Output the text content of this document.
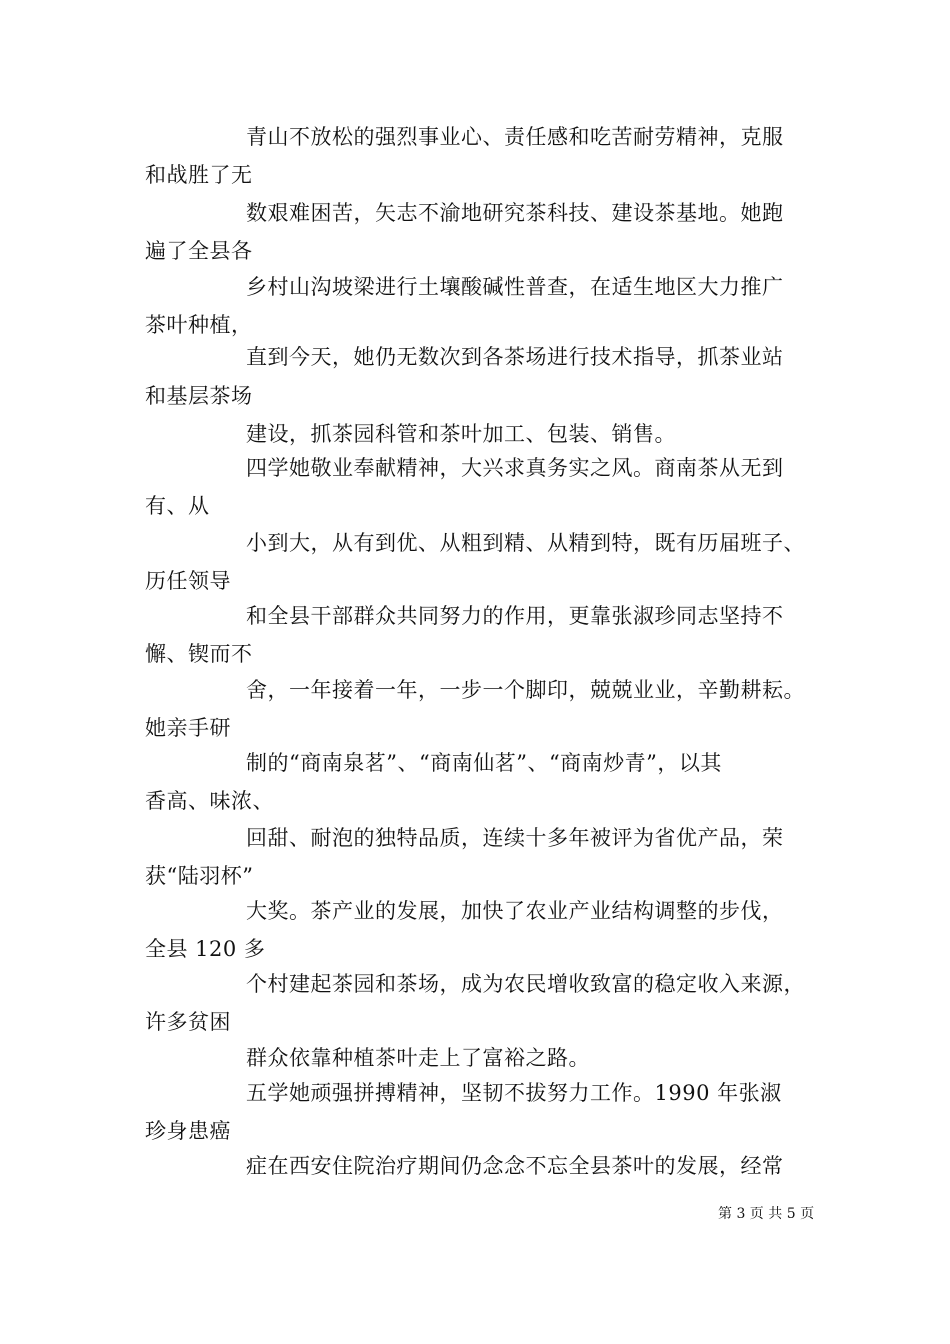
青山不放松的强烈事业心、责任感和吃苦耐劳精神，克服
和战胜了无
数艰难困苦，矢志不渝地研究茶科技、建设茶基地。她跑
遍了全县各
乡村山沟坡梁进行土壤酸碱性普查，在适生地区大力推广
茶叶种植，
直到今天，她仍无数次到各茶场进行技术指导，抓茶业站
和基层茶场
建设，抓茶园科管和茶叶加工、包装、销售。
四学她敬业奉献精神，大兴求真务实之风。商南茶从无到
有、从
小到大，从有到优、从粗到精、从精到特，既有历届班子、
历任领导
和全县干部群众共同努力的作用，更靠张淑珍同志坚持不
懈、锲而不
舍，一年接着一年，一步一个脚印，兢兢业业，辛勤耕耘。
她亲手研
制的“商南泉茗”、“商南仙茗”、“商南炒青”，以其
香高、味浓、
回甜、耐泡的独特品质，连续十多年被评为省优产品，荣
获“陆羽杯”
大奖。茶产业的发展，加快了农业产业结构调整的步伐，
全县 120 多
个村建起茶园和茶场，成为农民增收致富的稳定收入来源，
许多贫困
群众依靠种植茶叶走上了富裕之路。
五学她顽强拼搏精神，坚韧不拔努力工作。1990 年张淑
珍身患癌
症在西安住院治疗期间仍念念不忘全县茶叶的发展，经常
第 3 页 共 5 页
